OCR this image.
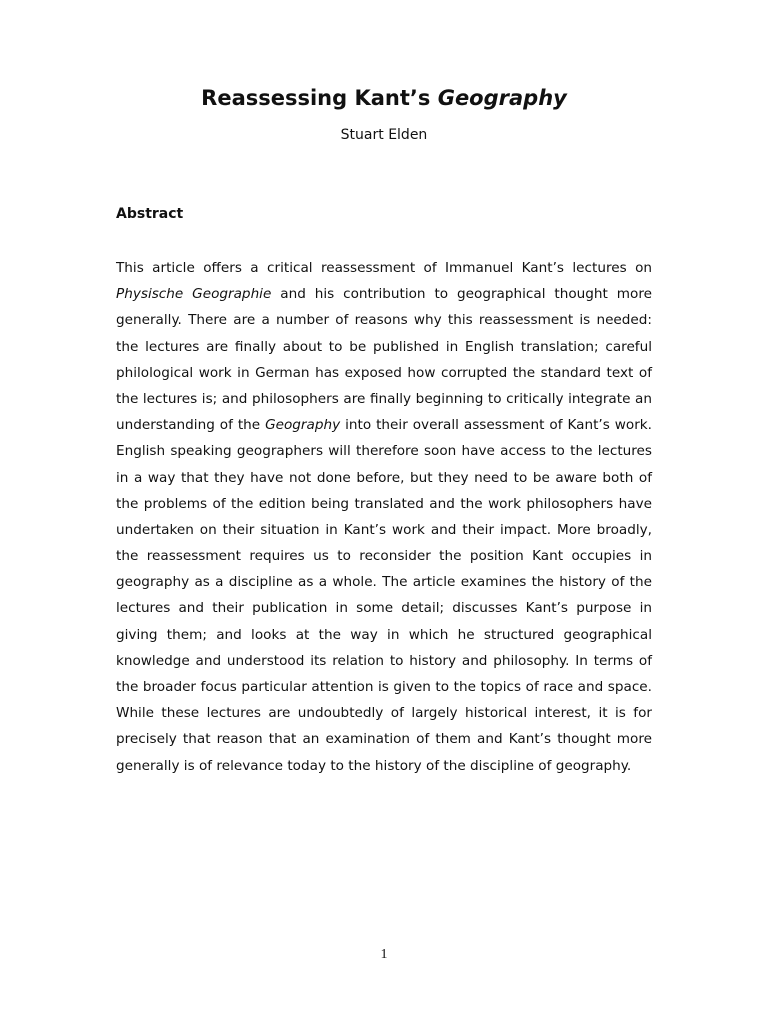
Reassessing Kant’s Geography
Stuart Elden
Abstract
This article offers a critical reassessment of Immanuel Kant’s lectures on
Physische Geographie and his contribution to geographical thought more
generally. There are a number of reasons why this reassessment is needed:
the lectures are finally about to be published in English translation; careful
philological work in German has exposed how corrupted the standard text of
the lectures is; and philosophers are finally beginning to critically integrate an
understanding of the Geography into their overall assessment of Kant’s work.
English speaking geographers will therefore soon have access to the lectures
in a way that they have not done before, but they need to be aware both of
the problems of the edition being translated and the work philosophers have
undertaken on their situation in Kant’s work and their impact. More broadly,
the reassessment requires us to reconsider the position Kant occupies in
geography as a discipline as a whole. The article examines the history of the
lectures and their publication in some detail; discusses Kant’s purpose in
giving them; and looks at the way in which he structured geographical
knowledge and understood its relation to history and philosophy. In terms of
the broader focus particular attention is given to the topics of race and space.
While these lectures are undoubtedly of largely historical interest, it is for
precisely that reason that an examination of them and Kant’s thought more
generally is of relevance today to the history of the discipline of geography.
1
